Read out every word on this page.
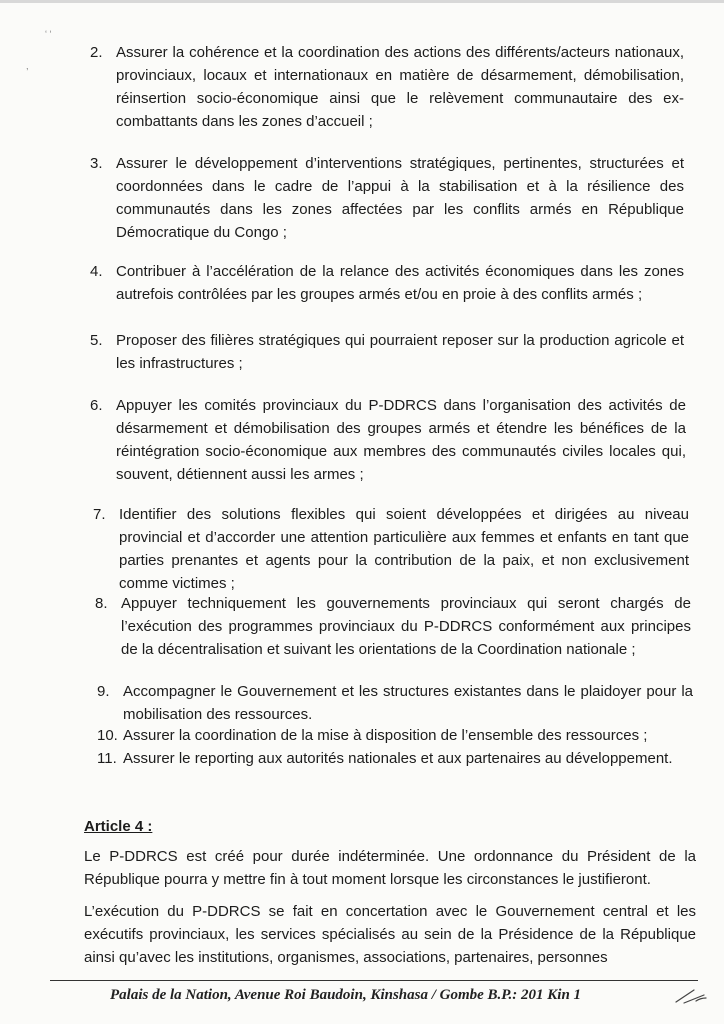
‘ ‘
,
2. Assurer la cohérence et la coordination des actions des différents/acteurs nationaux, provinciaux, locaux et internationaux en matière de désarmement, démobilisation, réinsertion socio-économique ainsi que le relèvement communautaire des ex-combattants dans les zones d’accueil ;
3. Assurer le développement d’interventions stratégiques, pertinentes, structurées et coordonnées dans le cadre de l’appui à la stabilisation et à la résilience des communautés dans les zones affectées par les conflits armés en République Démocratique du Congo ;
4. Contribuer à l’accélération de la relance des activités économiques dans les zones autrefois contrôlées par les groupes armés et/ou en proie à des conflits armés ;
5. Proposer des filières stratégiques qui pourraient reposer sur la production agricole et les infrastructures ;
6. Appuyer les comités provinciaux du P-DDRCS dans l’organisation des activités de désarmement et démobilisation des groupes armés et étendre les bénéfices de la réintégration socio-économique aux membres des communautés civiles locales qui, souvent, détiennent aussi les armes ;
7. Identifier des solutions flexibles qui soient développées et dirigées au niveau provincial et d’accorder une attention particulière aux femmes et enfants en tant que parties prenantes et agents pour la contribution de la paix, et non exclusivement comme victimes ;
8. Appuyer techniquement les gouvernements provinciaux qui seront chargés de l’exécution des programmes provinciaux du P-DDRCS conformément aux principes de la décentralisation et suivant les orientations de la Coordination nationale ;
9. Accompagner le Gouvernement et les structures existantes dans le plaidoyer pour la mobilisation des ressources.
10. Assurer la coordination de la mise à disposition de l’ensemble des ressources ;
11. Assurer le reporting aux autorités nationales et aux partenaires au développement.
Article 4 :

Le P-DDRCS est créé pour durée indéterminée. Une ordonnance du Président de la République pourra y mettre fin à tout moment lorsque les circonstances le justifieront.

L’exécution du P-DDRCS se fait en concertation avec le Gouvernement central et les exécutifs provinciaux, les services spécialisés au sein de la Présidence de la République ainsi qu’avec les institutions, organismes, associations, partenaires, personnes

Palais de la Nation, Avenue Roi Baudoin, Kinshasa / Gombe B.P.: 201 Kin 1
